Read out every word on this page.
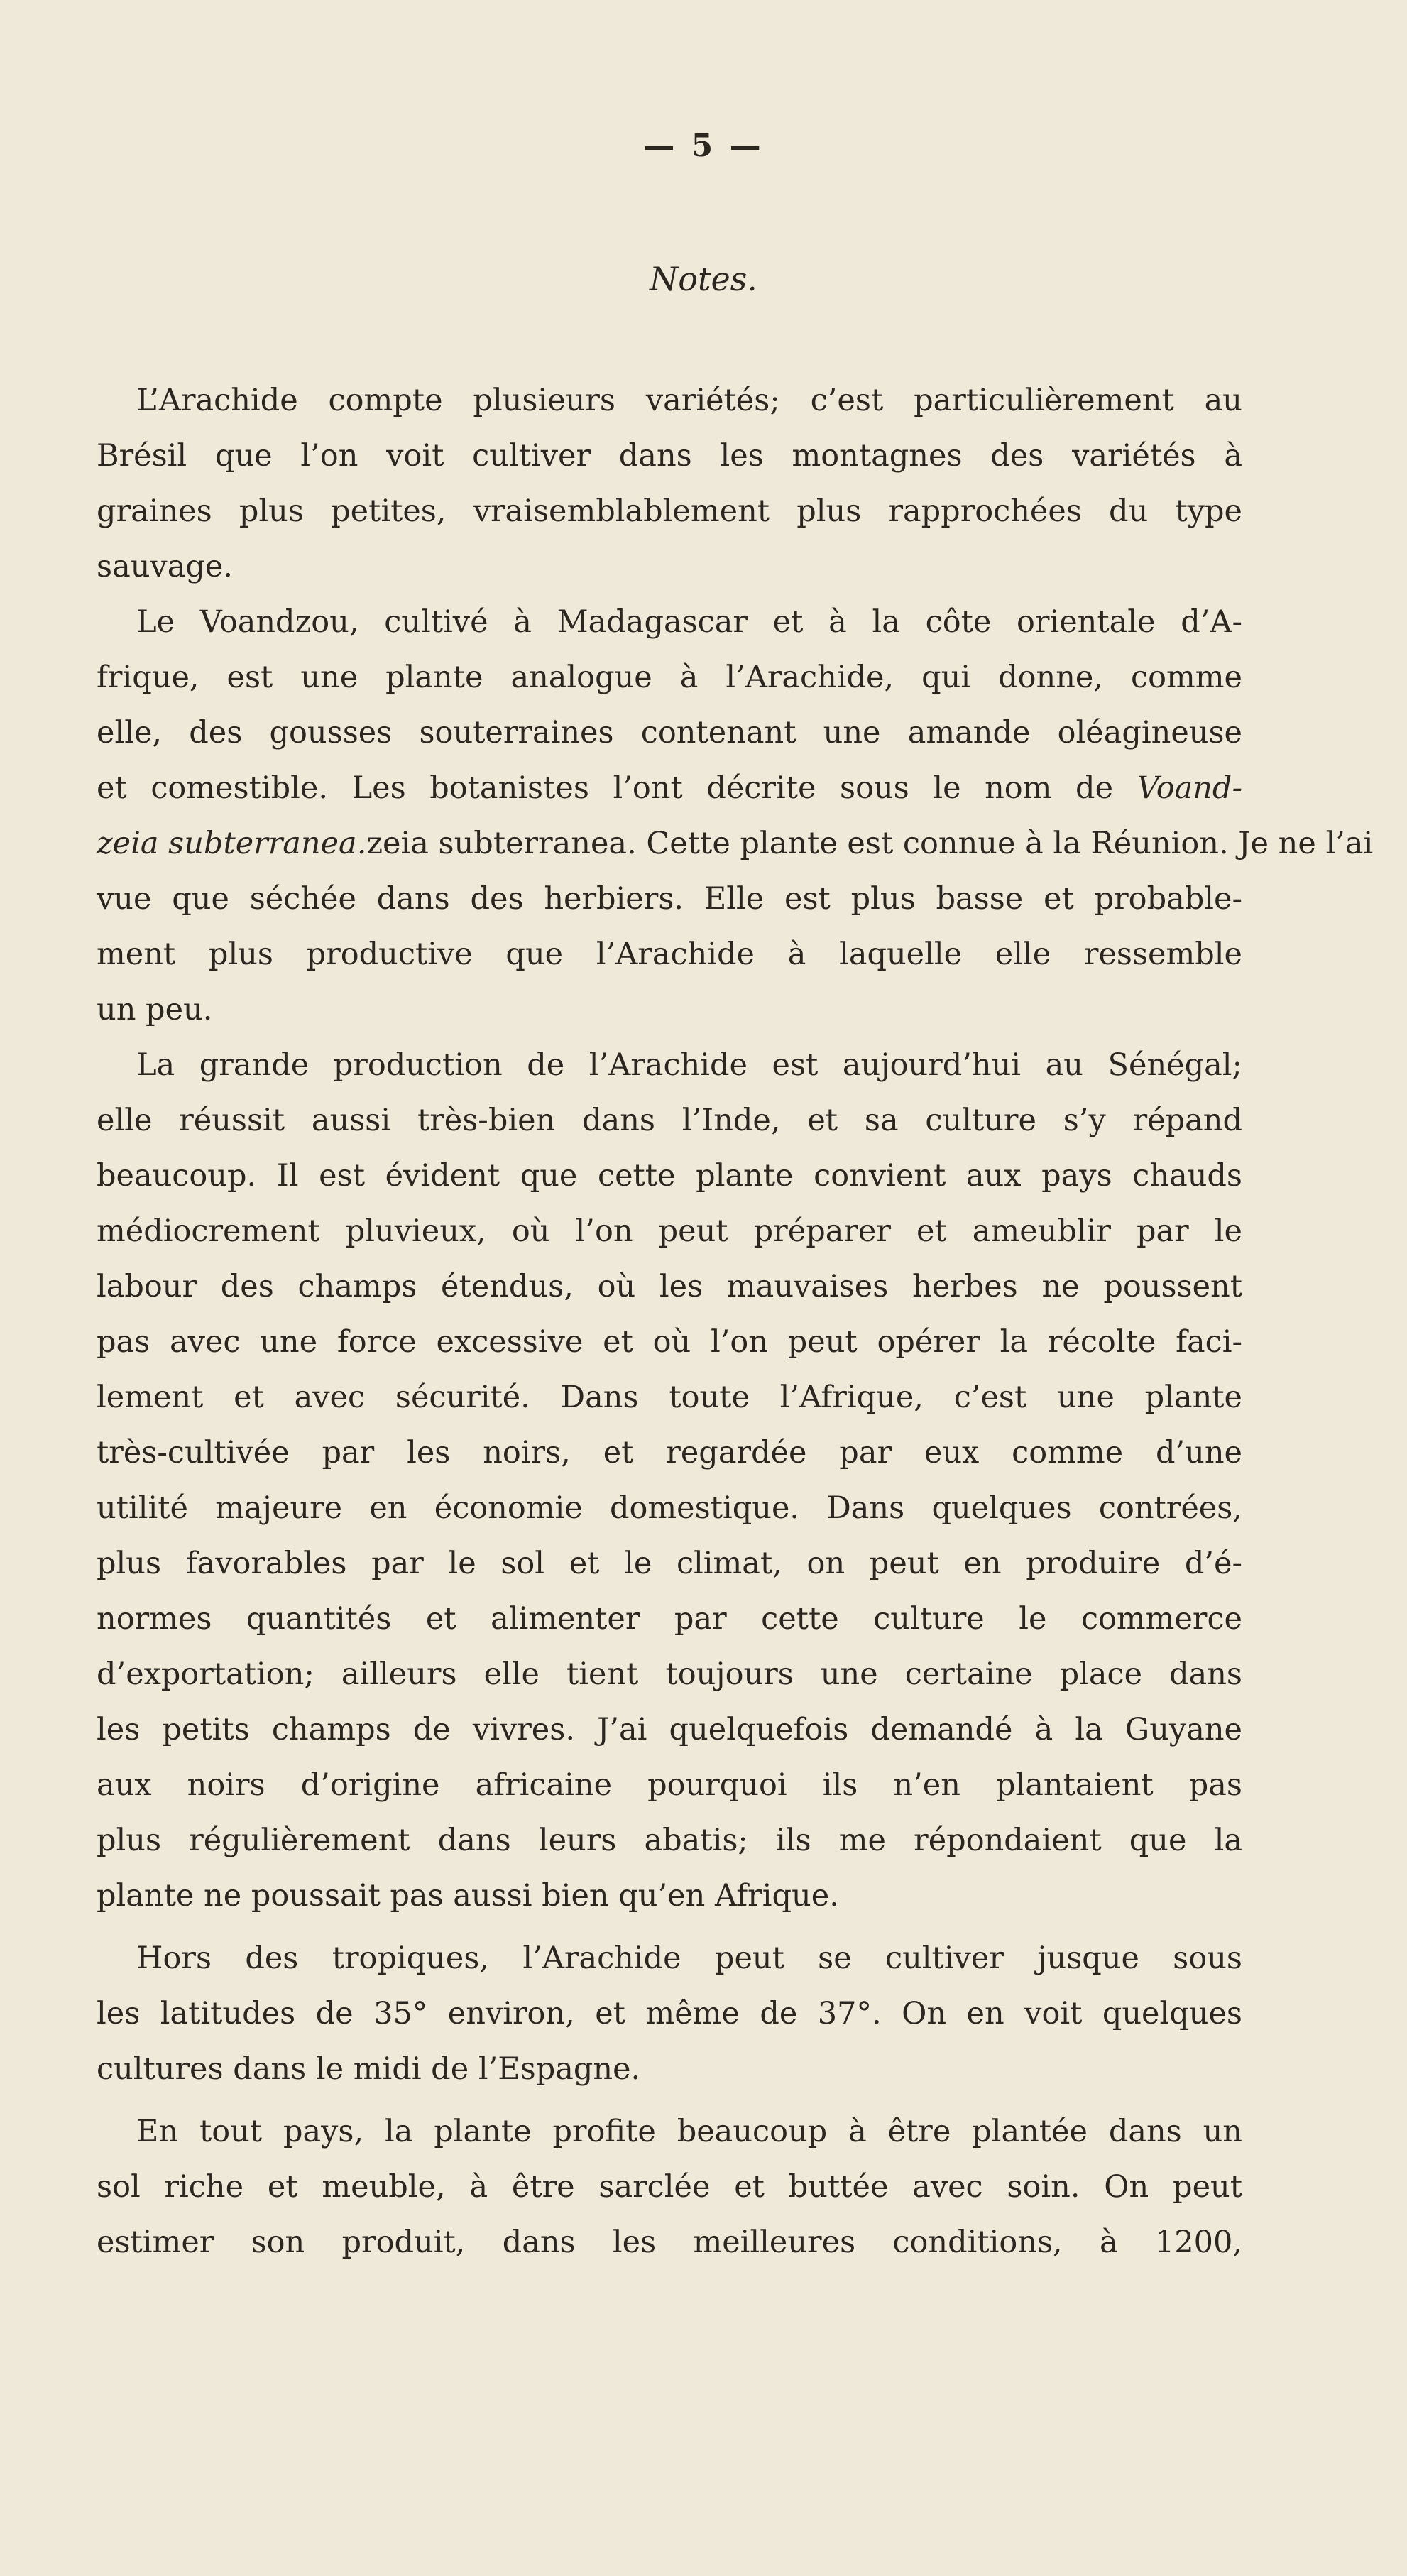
— 5 —
Notes.
L’Arachide compte plusieurs variétés; c’est particulièrement au
Brésil que l’on voit cultiver dans les montagnes des variétés à
graines plus petites, vraisemblablement plus rapprochées du type
sauvage.
Le Voandzou, cultivé à Madagascar et à la côte orientale d’A-
frique, est une plante analogue à l’Arachide, qui donne, comme
elle, des gousses souterraines contenant une amande oléagineuse
et comestible. Les botanistes l’ont décrite sous le nom de Voand-
zeia subterranea.zeia subterranea. Cette plante est connue à la Réunion. Je ne l’ai
vue que séchée dans des herbiers. Elle est plus basse et probable-
ment plus productive que l’Arachide à laquelle elle ressemble
un peu.
La grande production de l’Arachide est aujourd’hui au Sénégal;
elle réussit aussi très-bien dans l’Inde, et sa culture s’y répand
beaucoup. Il est évident que cette plante convient aux pays chauds
médiocrement pluvieux, où l’on peut préparer et ameublir par le
labour des champs étendus, où les mauvaises herbes ne poussent
pas avec une force excessive et où l’on peut opérer la récolte faci-
lement et avec sécurité. Dans toute l’Afrique, c’est une plante
très-cultivée par les noirs, et regardée par eux comme d’une
utilité majeure en économie domestique. Dans quelques contrées,
plus favorables par le sol et le climat, on peut en produire d’é-
normes quantités et alimenter par cette culture le commerce
d’exportation; ailleurs elle tient toujours une certaine place dans
les petits champs de vivres. J’ai quelquefois demandé à la Guyane
aux noirs d’origine africaine pourquoi ils n’en plantaient pas
plus régulièrement dans leurs abatis; ils me répondaient que la
plante ne poussait pas aussi bien qu’en Afrique.
Hors des tropiques, l’Arachide peut se cultiver jusque sous
les latitudes de 35° environ, et même de 37°. On en voit quelques
cultures dans le midi de l’Espagne.
En tout pays, la plante profite beaucoup à être plantée dans un
sol riche et meuble, à être sarclée et buttée avec soin. On peut
estimer son produit, dans les meilleures conditions, à 1200,
